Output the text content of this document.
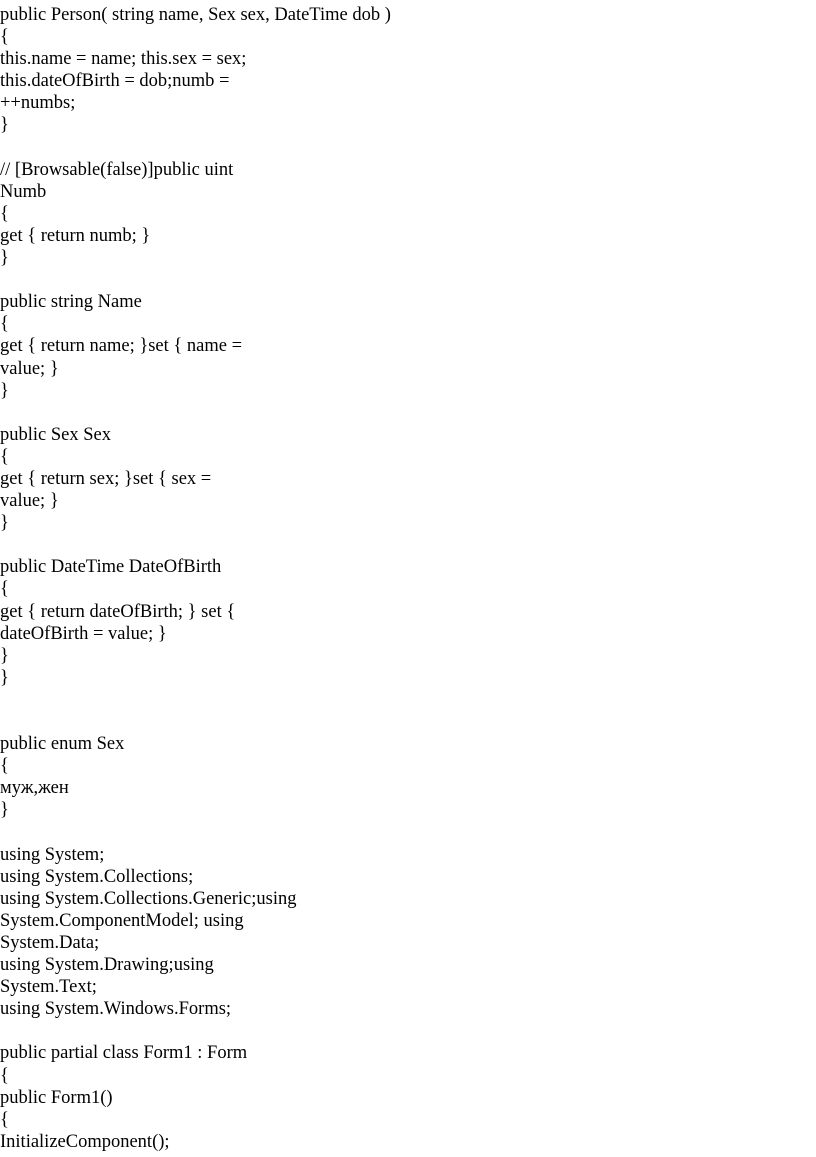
public Person( string name, Sex sex, DateTime dob )
{
this.name = name; this.sex = sex;
this.dateOfBirth = dob;numb =
++numbs;
}
// [Browsable(false)]public uint
Numb
{
get { return numb; }
}
public string Name
{
get { return name; }set { name =
value; }
}
public Sex Sex
{
get { return sex; }set { sex =
value; }
}
public DateTime DateOfBirth
{
get { return dateOfBirth; } set {
dateOfBirth = value; }
}
}
public enum Sex
{
муж,жен
}
using System;
using System.Collections;
using System.Collections.Generic;using
System.ComponentModel; using
System.Data;
using System.Drawing;using
System.Text;
using System.Windows.Forms;
public partial class Form1 : Form
{
public Form1()
{
InitializeComponent();
